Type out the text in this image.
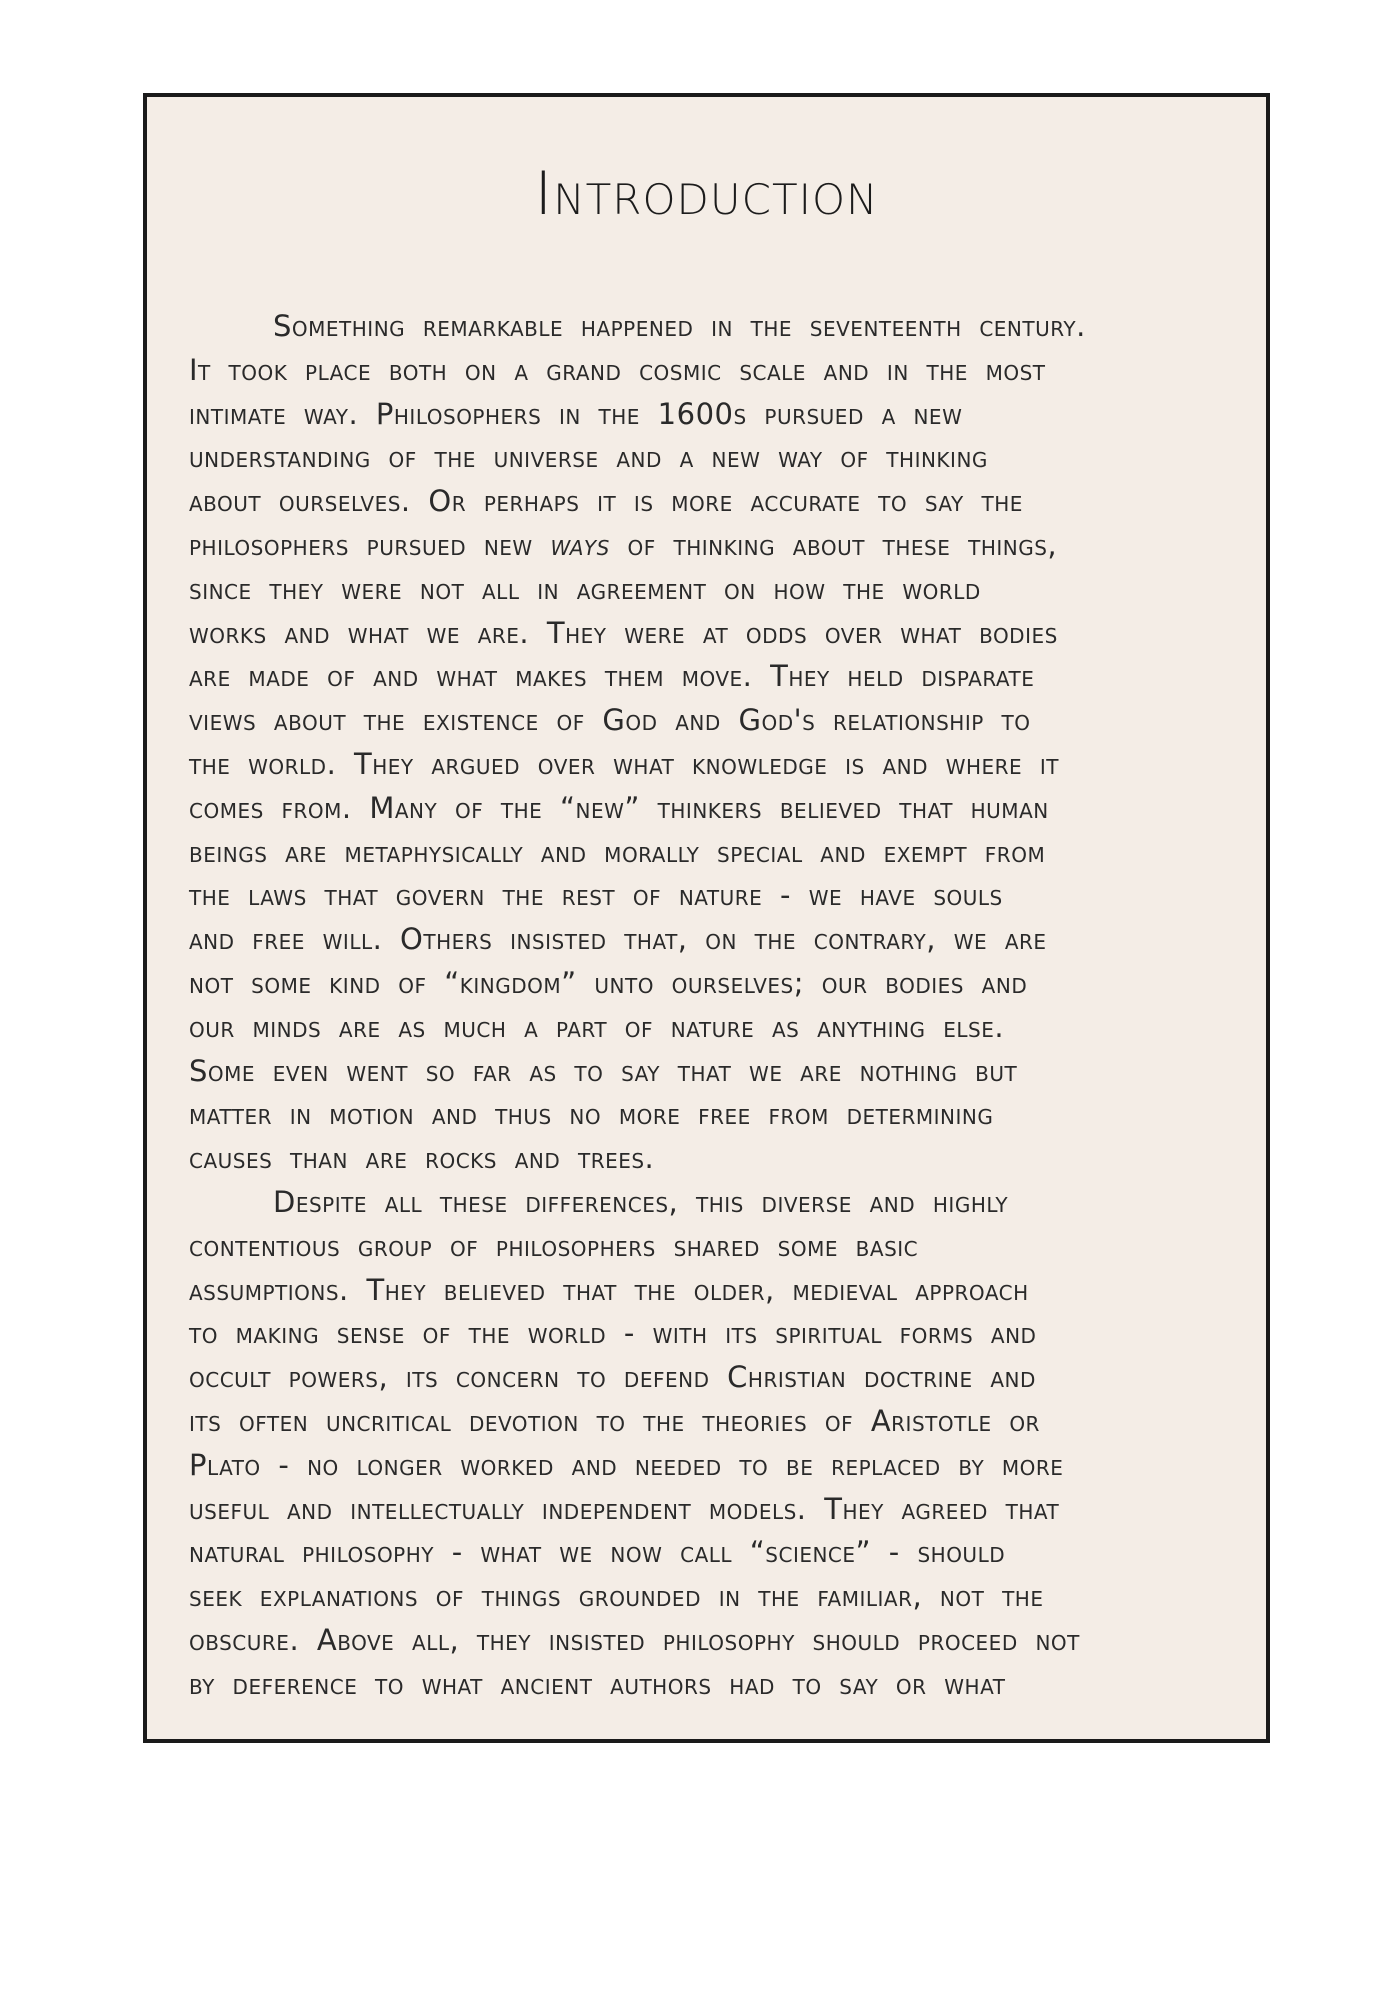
Introduction
Something remarkable happened in the seventeenth century.
It took place both on a grand cosmic scale and in the most
intimate way. Philosophers in the 1600s pursued a new
understanding of the universe and a new way of thinking
about ourselves. Or perhaps it is more accurate to say the
philosophers pursued new ways of thinking about these things,
since they were not all in agreement on how the world
works and what we are. They were at odds over what bodies
are made of and what makes them move. They held disparate
views about the existence of God and God's relationship to
the world. They argued over what knowledge is and where it
comes from. Many of the “new” thinkers believed that human
beings are metaphysically and morally special and exempt from
the laws that govern the rest of nature - we have souls
and free will. Others insisted that, on the contrary, we are
not some kind of “kingdom” unto ourselves; our bodies and
our minds are as much a part of nature as anything else.
Some even went so far as to say that we are nothing but
matter in motion and thus no more free from determining
causes than are rocks and trees.
Despite all these differences, this diverse and highly
contentious group of philosophers shared some basic
assumptions. They believed that the older, medieval approach
to making sense of the world - with its spiritual forms and
occult powers, its concern to defend Christian doctrine and
its often uncritical devotion to the theories of Aristotle or
Plato - no longer worked and needed to be replaced by more
useful and intellectually independent models. They agreed that
natural philosophy - what we now call “science” - should
seek explanations of things grounded in the familiar, not the
obscure. Above all, they insisted philosophy should proceed not
by deference to what ancient authors had to say or what
